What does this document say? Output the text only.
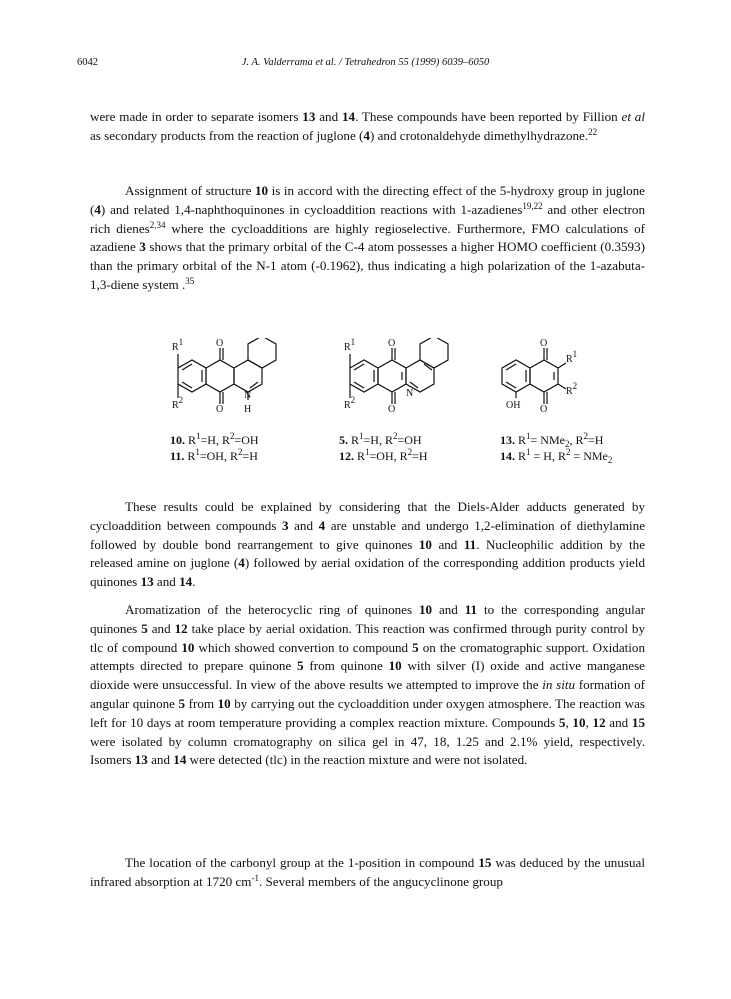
6042	J. A. Valderrama et al. / Tetrahedron 55 (1999) 6039–6050

were made in order to separate isomers 13 and 14. These compounds have been reported by Fillion et al as secondary products from the reaction of juglone (4) and crotonaldehyde dimethylhydrazone.$^{22}$

Assignment of structure 10 is in accord with the directing effect of the 5-hydroxy group in juglone (4) and related 1,4-naphthoquinones in cycloaddition reactions with 1-azadienes$^{19,22}$ and other electron rich dienes$^{2,34}$ where the cycloadditions are highly regioselective. Furthermore, FMO calculations of azadiene 3 shows that the primary orbital of the C-4 atom possesses a higher HOMO coefficient (0.3593) than the primary orbital of the N-1 atom (-0.1962), thus indicating a high polarization of the 1-azabuta-1,3-diene system .$^{35}$

$R^1$	O
$R^2$
O
N
H
$R^1$	O
$R^2$
O
N
O
$R^1$
$R^2$
O
OH
10. $R^1=H$, $R^2=OH$
11. $R^1=OH$, $R^2=H$
5. $R^1=H$, $R^2=OH$
12. $R^1=OH$, $R^2=H$
13. $R^1= NMe_2$, $R^2=H$
14. $R^1 = H$, $R^2 = NMe_2$

These results could be explained by considering that the Diels-Alder adducts generated by cycloaddition between compounds 3 and 4 are unstable and undergo 1,2-elimination of diethylamine followed by double bond rearrangement to give quinones 10 and 11. Nucleophilic addition by the released amine on juglone (4) followed by aerial oxidation of the corresponding addition products yield quinones 13 and 14.

Aromatization of the heterocyclic ring of quinones 10 and 11 to the corresponding angular quinones 5 and 12 take place by aerial oxidation. This reaction was confirmed through purity control by tlc of compound 10 which showed convertion to compound 5 on the cromatographic support. Oxidation attempts directed to prepare quinone 5 from quinone 10 with silver (I) oxide and active manganese dioxide were unsuccessful. In view of the above results we attempted to improve the in situ formation of angular quinone 5 from 10 by carrying out the cycloaddition under oxygen atmosphere. The reaction was left for 10 days at room temperature providing a complex reaction mixture. Compounds 5, 10, 12 and 15 were isolated by column cromatography on silica gel in 47, 18, 1.25 and 2.1% yield, respectively. Isomers 13 and 14 were detected (tlc) in the reaction mixture and were not isolated.

The location of the carbonyl group at the 1-position in compound 15 was deduced by the unusual infrared absorption at 1720 $cm^{-1}$. Several members of the angucyclinone group
